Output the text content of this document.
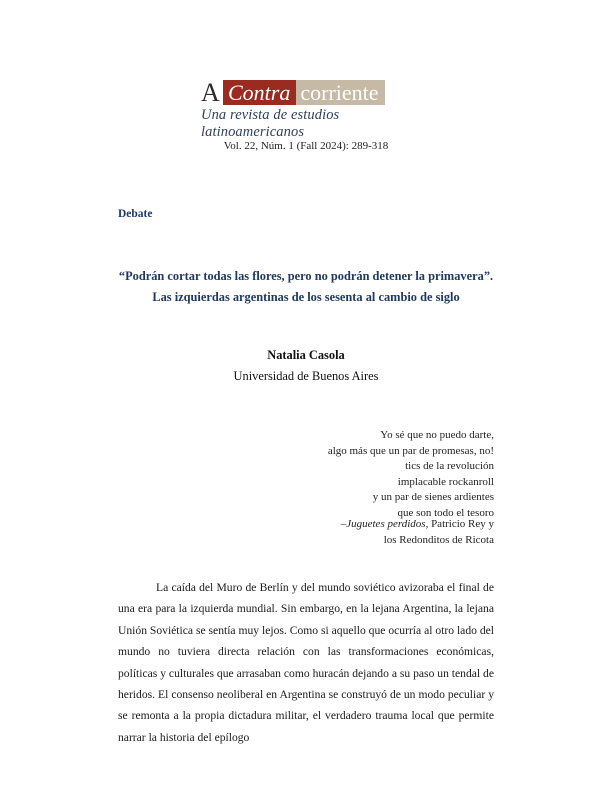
A Contra corriente
Una revista de estudios latinoamericanos
Vol. 22, Núm. 1 (Fall 2024): 289-318
Debate
“Podrán cortar todas las flores, pero no podrán detener la primavera”.
Las izquierdas argentinas de los sesenta al cambio de siglo
Natalia Casola
Universidad de Buenos Aires
Yo sé que no puedo darte,
algo más que un par de promesas, no!
tics de la revolución
implacable rockanroll
y un par de sienes ardientes
que son todo el tesoro
–Juguetes perdidos, Patricio Rey y
los Redonditos de Ricota

La caída del Muro de Berlín y del mundo soviético avizoraba el final de una era para la izquierda mundial. Sin embargo, en la lejana Argentina, la lejana Unión Soviética se sentía muy lejos. Como si aquello que ocurría al otro lado del mundo no tuviera directa relación con las transformaciones económicas, políticas y culturales que arrasaban como huracán dejando a su paso un tendal de heridos. El consenso neoliberal en Argentina se construyó de un modo peculiar y se remonta a la propia dictadura militar, el verdadero trauma local que permite narrar la historia del epílogo
